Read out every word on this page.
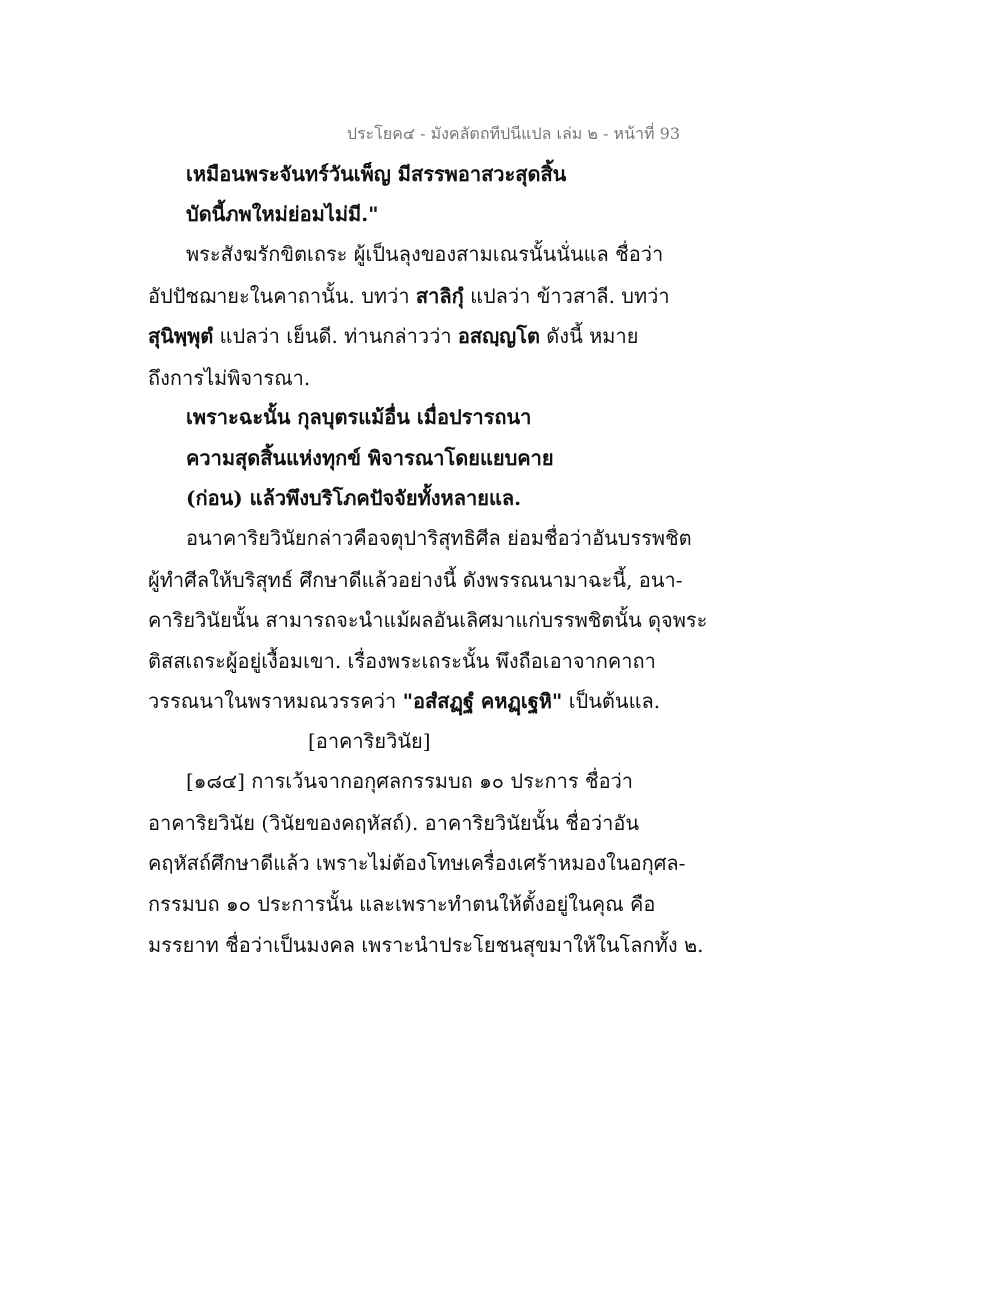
ประโยค๔ - มังคลัตถทีปนีแปล เล่ม ๒ - หน้าที่ 93
เหมือนพระจันทร์วันเพ็ญ มีสรรพอาสวะสุดสิ้น
บัดนี้ภพใหม่ย่อมไม่มี."
พระสังฆรักขิตเถระ ผู้เป็นลุงของสามเณรนั้นนั่นแล ชื่อว่า
อัปปัชฌายะในคาถานั้น. บทว่า สาลิกุํ แปลว่า ข้าวสาลี. บทว่า
สุนิพฺพุตํ แปลว่า เย็นดี. ท่านกล่าวว่า อสญฺญโต ดังนี้ หมาย
ถึงการไม่พิจารณา.
เพราะฉะนั้น กุลบุตรแม้อื่น เมื่อปรารถนา
ความสุดสิ้นแห่งทุกข์ พิจารณาโดยแยบคาย
(ก่อน) แล้วพึงบริโภคปัจจัยทั้งหลายแล.
อนาคาริยวินัยกล่าวคือจตุปาริสุทธิศีล ย่อมชื่อว่าอันบรรพชิต
ผู้ทำศีลให้บริสุทธ์ ศึกษาดีแล้วอย่างนี้ ดังพรรณนามาฉะนี้, อนา-
คาริยวินัยนั้น สามารถจะนำแม้ผลอันเลิศมาแก่บรรพชิตนั้น ดุจพระ
ติสสเถระผู้อยู่เงื้อมเขา. เรื่องพระเถระนั้น พึงถือเอาจากคาถา
วรรณนาในพราหมณวรรคว่า "อสํสฏฺฐํ คหฏฺเฐหิ" เป็นต้นแล.
[อาคาริยวินัย]
[๑๘๔] การเว้นจากอกุศลกรรมบถ ๑๐ ประการ ชื่อว่า
อาคาริยวินัย (วินัยของคฤหัสถ์). อาคาริยวินัยนั้น ชื่อว่าอัน
คฤหัสถ์ศึกษาดีแล้ว เพราะไม่ต้องโทษเครื่องเศร้าหมองในอกุศล-
กรรมบถ ๑๐ ประการนั้น และเพราะทำตนให้ตั้งอยู่ในคุณ คือ
มรรยาท ชื่อว่าเป็นมงคล เพราะนำประโยชนสุขมาให้ในโลกทั้ง ๒.
